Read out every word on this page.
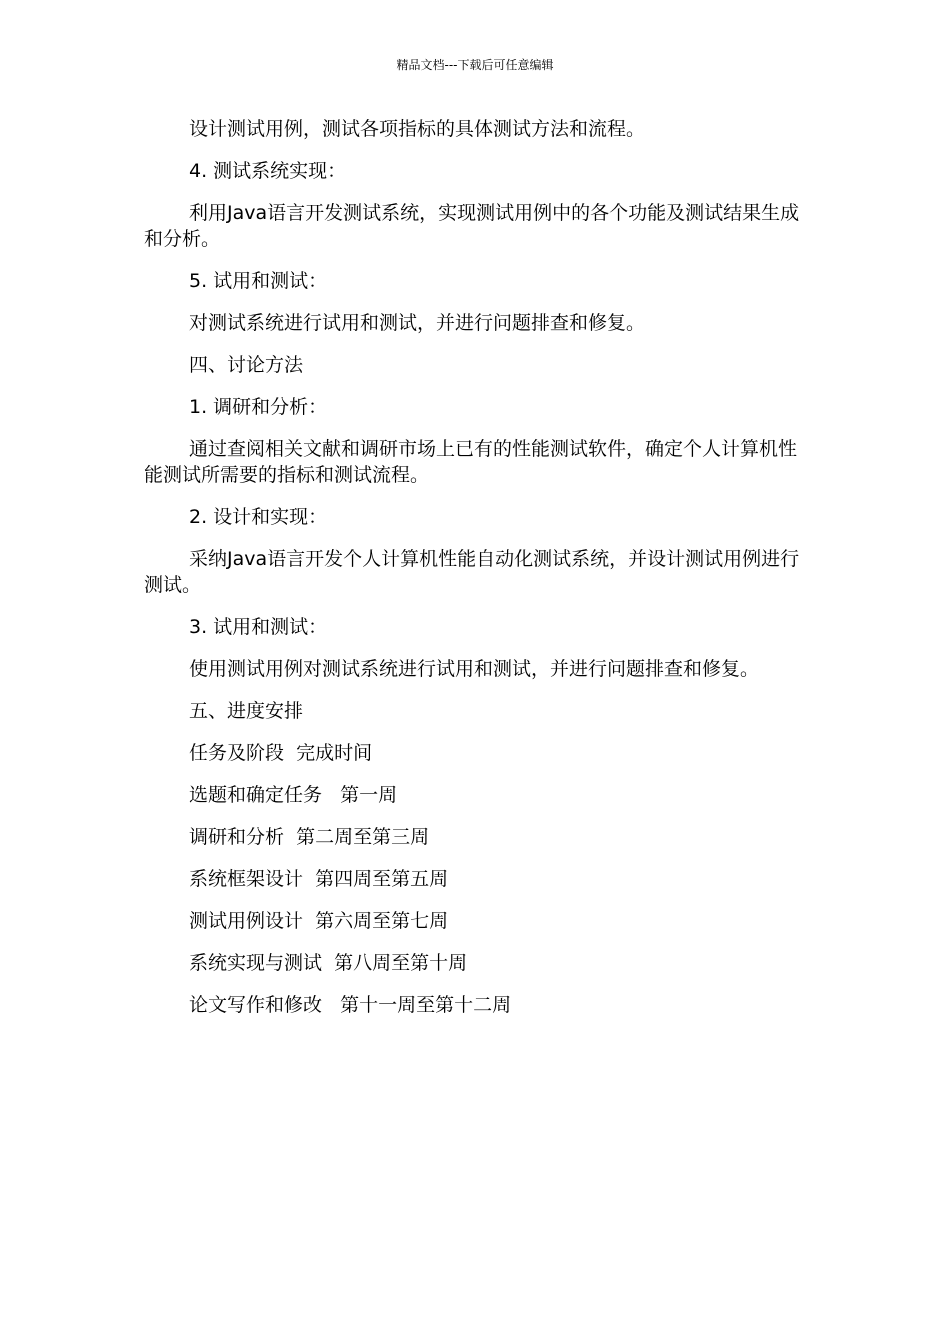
精品文档---下载后可任意编辑

设计测试用例，测试各项指标的具体测试方法和流程。

4. 测试系统实现：

利用Java语言开发测试系统，实现测试用例中的各个功能及测试结果生成和分析。

5. 试用和测试：

对测试系统进行试用和测试，并进行问题排查和修复。

四、讨论方法

1. 调研和分析：

通过查阅相关文献和调研市场上已有的性能测试软件，确定个人计算机性能测试所需要的指标和测试流程。

2. 设计和实现：

采纳Java语言开发个人计算机性能自动化测试系统，并设计测试用例进行测试。

3. 试用和测试：

使用测试用例对测试系统进行试用和测试，并进行问题排查和修复。

五、进度安排

任务及阶段  完成时间

选题和确定任务   第一周

调研和分析  第二周至第三周

系统框架设计  第四周至第五周

测试用例设计  第六周至第七周

系统实现与测试  第八周至第十周

论文写作和修改   第十一周至第十二周
